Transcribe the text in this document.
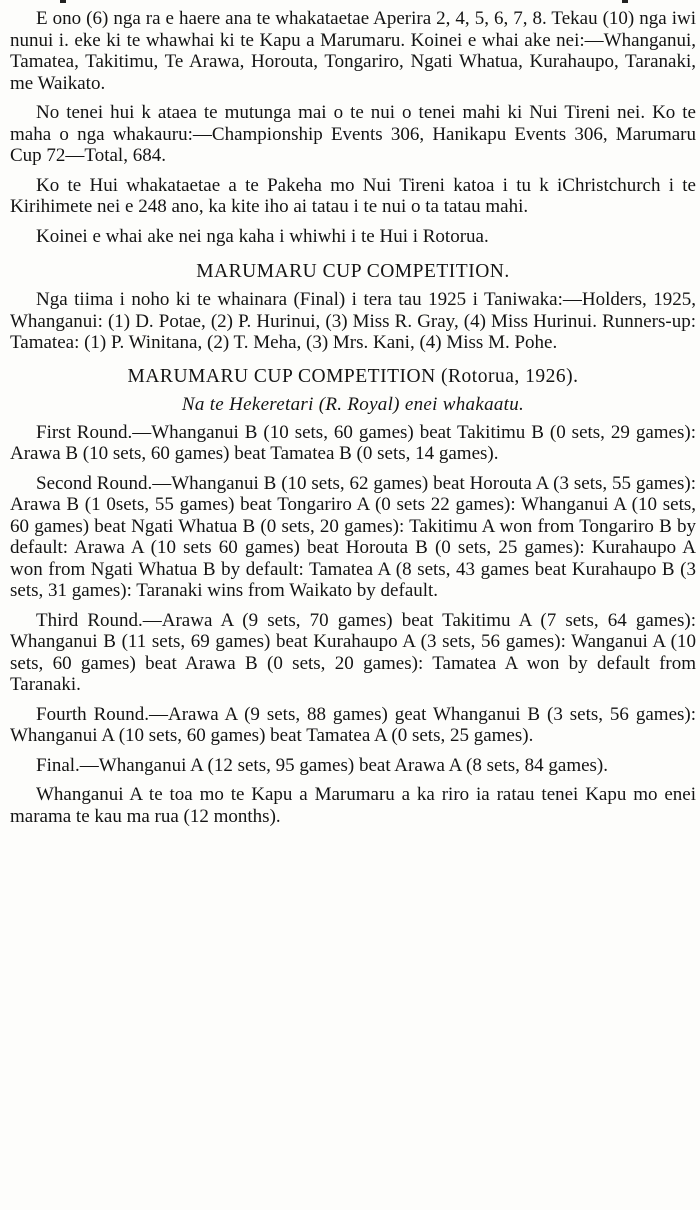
E ono (6) nga ra e haere ana te whakataetae Aperira 2, 4, 5, 6, 7, 8. Tekau (10) nga iwi nunui i. eke ki te whawhai ki te Kapu a Marumaru. Koinei e whai ake nei:—Whanganui, Tamatea, Takitimu, Te Arawa, Horouta, Tongariro, Ngati Whatua, Kurahaupo, Taranaki, me Waikato.

No tenei hui k ataea te mutunga mai o te nui o tenei mahi ki Nui Tireni nei. Ko te maha o nga whakauru:—Championship Events 306, Hanikapu Events 306, Marumaru Cup 72—Total, 684.

Ko te Hui whakataetae a te Pakeha mo Nui Tireni katoa i tu k iChristchurch i te Kirihimete nei e 248 ano, ka kite iho ai tatau i te nui o ta tatau mahi.

Koinei e whai ake nei nga kaha i whiwhi i te Hui i Rotorua.

MARUMARU CUP COMPETITION.

Nga tiima i noho ki te whainara (Final) i tera tau 1925 i Taniwaka:—Holders, 1925, Whanganui: (1) D. Potae, (2) P. Hurinui, (3) Miss R. Gray, (4) Miss Hurinui. Runners-up: Tamatea: (1) P. Winitana, (2) T. Meha, (3) Mrs. Kani, (4) Miss M. Pohe.

MARUMARU CUP COMPETITION (Rotorua, 1926).
Na te Hekeretari (R. Royal) enei whakaatu.

First Round.—Whanganui B (10 sets, 60 games) beat Takitimu B (0 sets, 29 games): Arawa B (10 sets, 60 games) beat Tamatea B (0 sets, 14 games).

Second Round.—Whanganui B (10 sets, 62 games) beat Horouta A (3 sets, 55 games): Arawa B (1 0sets, 55 games) beat Tongariro A (0 sets 22 games): Whanganui A (10 sets, 60 games) beat Ngati Whatua B (0 sets, 20 games): Takitimu A won from Tongariro B by default: Arawa A (10 sets 60 games) beat Horouta B (0 sets, 25 games): Kurahaupo A won from Ngati Whatua B by default: Tamatea A (8 sets, 43 games beat Kurahaupo B (3 sets, 31 games): Taranaki wins from Waikato by default.

Third Round.—Arawa A (9 sets, 70 games) beat Takitimu A (7 sets, 64 games): Whanganui B (11 sets, 69 games) beat Kurahaupo A (3 sets, 56 games): Wanganui A (10 sets, 60 games) beat Arawa B (0 sets, 20 games): Tamatea A won by default from Taranaki.

Fourth Round.—Arawa A (9 sets, 88 games) geat Whanganui B (3 sets, 56 games): Whanganui A (10 sets, 60 games) beat Tamatea A (0 sets, 25 games).

Final.—Whanganui A (12 sets, 95 games) beat Arawa A (8 sets, 84 games).

Whanganui A te toa mo te Kapu a Marumaru a ka riro ia ratau tenei Kapu mo enei marama te kau ma rua (12 months).
